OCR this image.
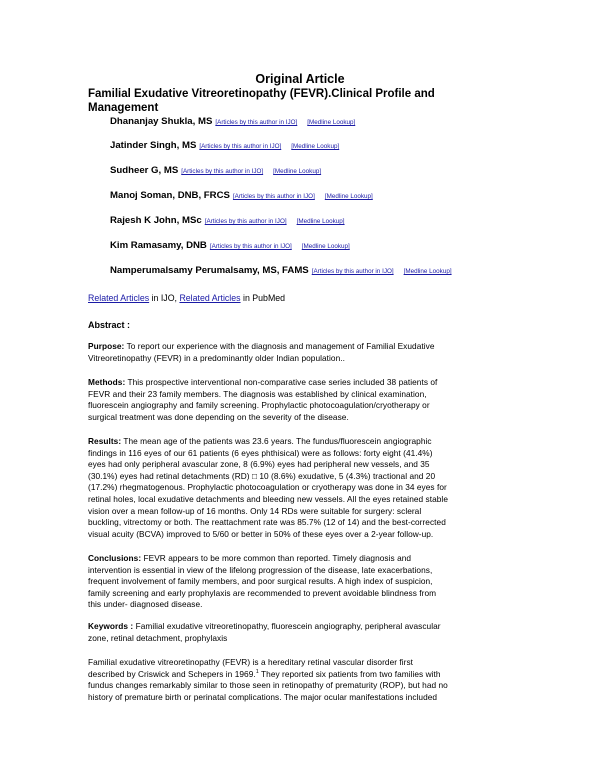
Original Article
Familial Exudative Vitreoretinopathy (FEVR).Clinical Profile and Management
Dhananjay Shukla, MS [Articles by this author in IJO] [Medline Lookup]
Jatinder Singh, MS [Articles by this author in IJO] [Medline Lookup]
Sudheer G, MS [Articles by this author in IJO] [Medline Lookup]
Manoj Soman, DNB, FRCS [Articles by this author in IJO] [Medline Lookup]
Rajesh K John, MSc [Articles by this author in IJO] [Medline Lookup]
Kim Ramasamy, DNB [Articles by this author in IJO] [Medline Lookup]
Namperumalsamy Perumalsamy, MS, FAMS [Articles by this author in IJO] [Medline Lookup]
Related Articles in IJO, Related Articles in PubMed
Abstract :
Purpose: To report our experience with the diagnosis and management of Familial Exudative
Vitreoretinopathy (FEVR) in a predominantly older Indian population..
Methods: This prospective interventional non-comparative case series included 38 patients of
FEVR and their 23 family members. The diagnosis was established by clinical examination,
fluorescein angiography and family screening. Prophylactic photocoagulation/cryotherapy or
surgical treatment was done depending on the severity of the disease.
Results: The mean age of the patients was 23.6 years. The fundus/fluorescein angiographic
findings in 116 eyes of our 61 patients (6 eyes phthisical) were as follows: forty eight (41.4%)
eyes had only peripheral avascular zone, 8 (6.9%) eyes had peripheral new vessels, and 35
(30.1%) eyes had retinal detachments (RD) □ 10 (8.6%) exudative, 5 (4.3%) tractional and 20
(17.2%) rhegmatogenous. Prophylactic photocoagulation or cryotherapy was done in 34 eyes for
retinal holes, local exudative detachments and bleeding new vessels. All the eyes retained stable
vision over a mean follow-up of 16 months. Only 14 RDs were suitable for surgery: scleral
buckling, vitrectomy or both. The reattachment rate was 85.7% (12 of 14) and the best-corrected
visual acuity (BCVA) improved to 5/60 or better in 50% of these eyes over a 2-year follow-up.
Conclusions: FEVR appears to be more common than reported. Timely diagnosis and
intervention is essential in view of the lifelong progression of the disease, late exacerbations,
frequent involvement of family members, and poor surgical results. A high index of suspicion,
family screening and early prophylaxis are recommended to prevent avoidable blindness from
this under- diagnosed disease.
Keywords : Familial exudative vitreoretinopathy, fluorescein angiography, peripheral avascular
zone, retinal detachment, prophylaxis
Familial exudative vitreoretinopathy (FEVR) is a hereditary retinal vascular disorder first
described by Criswick and Schepers in 1969.$^1$ They reported six patients from two families with
fundus changes remarkably similar to those seen in retinopathy of prematurity (ROP), but had no
history of premature birth or perinatal complications. The major ocular manifestations included
